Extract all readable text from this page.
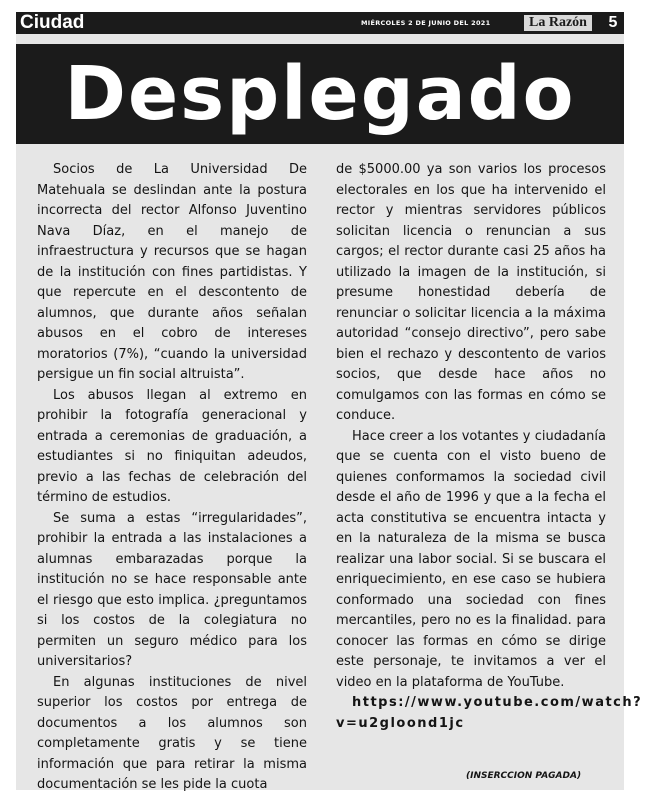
Ciudad	MIÉRCOLES 2 DE JUNIO DEL 2021	La Razón	5
Desplegado

Socios de La Universidad De Matehuala se deslindan ante la postura incorrecta del rector Alfonso Juventino Nava Díaz, en el manejo de infraestructura y recursos que se hagan de la institución con fines partidistas. Y que repercute en el descontento de alumnos, que durante años señalan abusos en el cobro de intereses moratorios (7%), “cuando la universidad persigue un fin social altruista”.

Los abusos llegan al extremo en prohibir la fotografía generacional y entrada a ceremonias de graduación, a estudiantes si no finiquitan adeudos, previo a las fechas de celebración del término de estudios.

Se suma a estas “irregularidades”, prohibir la entrada a las instalaciones a alumnas embarazadas porque la institución no se hace responsable ante el riesgo que esto implica. ¿preguntamos si los costos de la colegiatura no permiten un seguro médico para los universitarios?

En algunas instituciones de nivel superior los costos por entrega de documentos a los alumnos son completamente gratis y se tiene información que para retirar la misma documentación se les pide la cuota

de $5000.00 ya son varios los procesos electorales en los que ha intervenido el rector y mientras servidores públicos solicitan licencia o renuncian a sus cargos; el rector durante casi 25 años ha utilizado la imagen de la institución, si presume honestidad debería de renunciar o solicitar licencia a la máxima autoridad “consejo directivo”, pero sabe bien el rechazo y descontento de varios socios, que desde hace años no comulgamos con las formas en cómo se conduce.

Hace creer a los votantes y ciudadanía que se cuenta con el visto bueno de quienes conformamos la sociedad civil desde el año de 1996 y que a la fecha el acta constitutiva se encuentra intacta y en la naturaleza de la misma se busca realizar una labor social. Si se buscara el enriquecimiento, en ese caso se hubiera conformado una sociedad con fines mercantiles, pero no es la finalidad. para conocer las formas en cómo se dirige este personaje, te invitamos a ver el video en la plataforma de YouTube.

https://www.youtube.com/watch?v=u2gloond1jc

(INSERCCION PAGADA)
